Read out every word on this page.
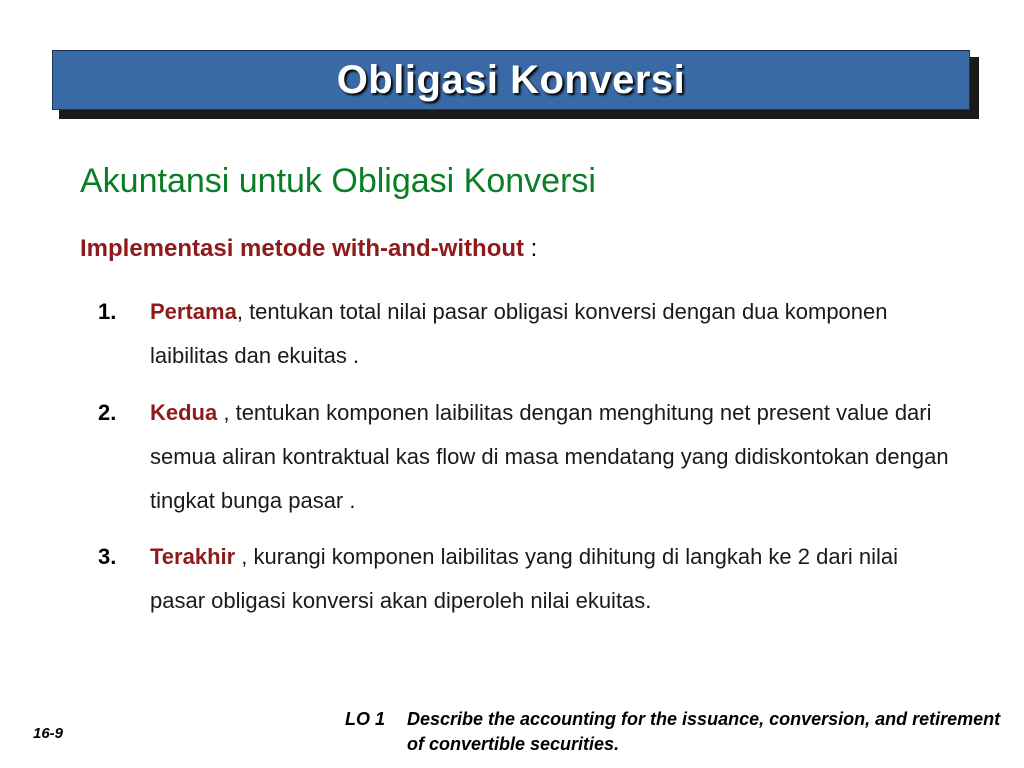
Obligasi Konversi
Akuntansi untuk Obligasi Konversi
Implementasi metode with-and-without :
1.	Pertama, tentukan total nilai pasar obligasi konversi dengan dua komponen laibilitas dan ekuitas .
2.	Kedua , tentukan komponen laibilitas dengan menghitung net present value dari semua aliran kontraktual kas flow di masa mendatang yang didiskontokan dengan tingkat bunga pasar .
3.	Terakhir , kurangi komponen laibilitas yang dihitung di langkah ke 2 dari nilai pasar obligasi konversi akan diperoleh nilai ekuitas.
16-9
LO 1	Describe the accounting for the issuance, conversion, and retirement of convertible securities.
